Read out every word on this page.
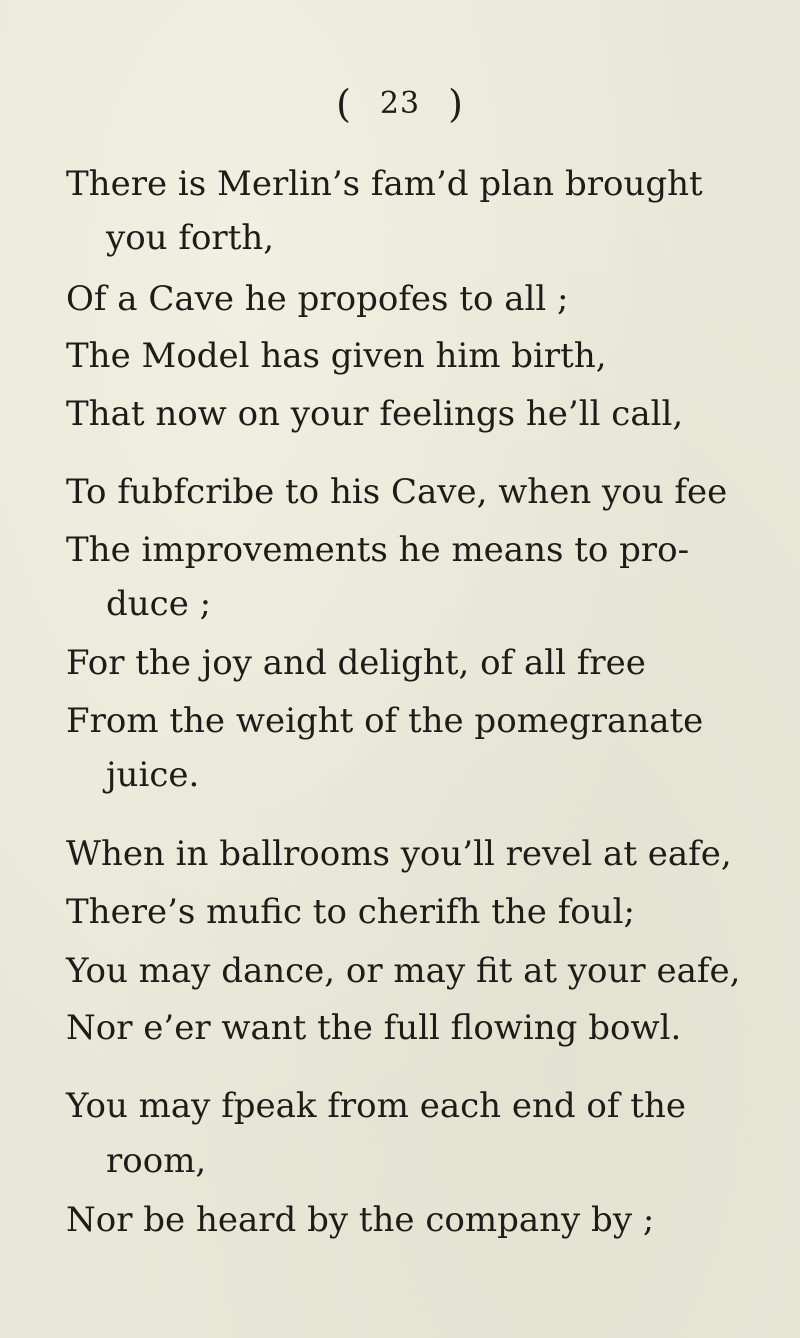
( 23 )
There is Merlin’s fam’d plan brought
you forth,
Of a Cave he propofes to all ;
The Model has given him birth,
That now on your feelings he’ll call,
To fubfcribe to his Cave, when you fee
The improvements he means to pro-
duce ;
For the joy and delight, of all free
From the weight of the pomegranate
juice.
When in ballrooms you’ll revel at eafe,
There’s mufic to cherifh the foul;
You may dance, or may fit at your eafe,
Nor e’er want the full flowing bowl.
You may fpeak from each end of the
room,
Nor be heard by the company by ;
